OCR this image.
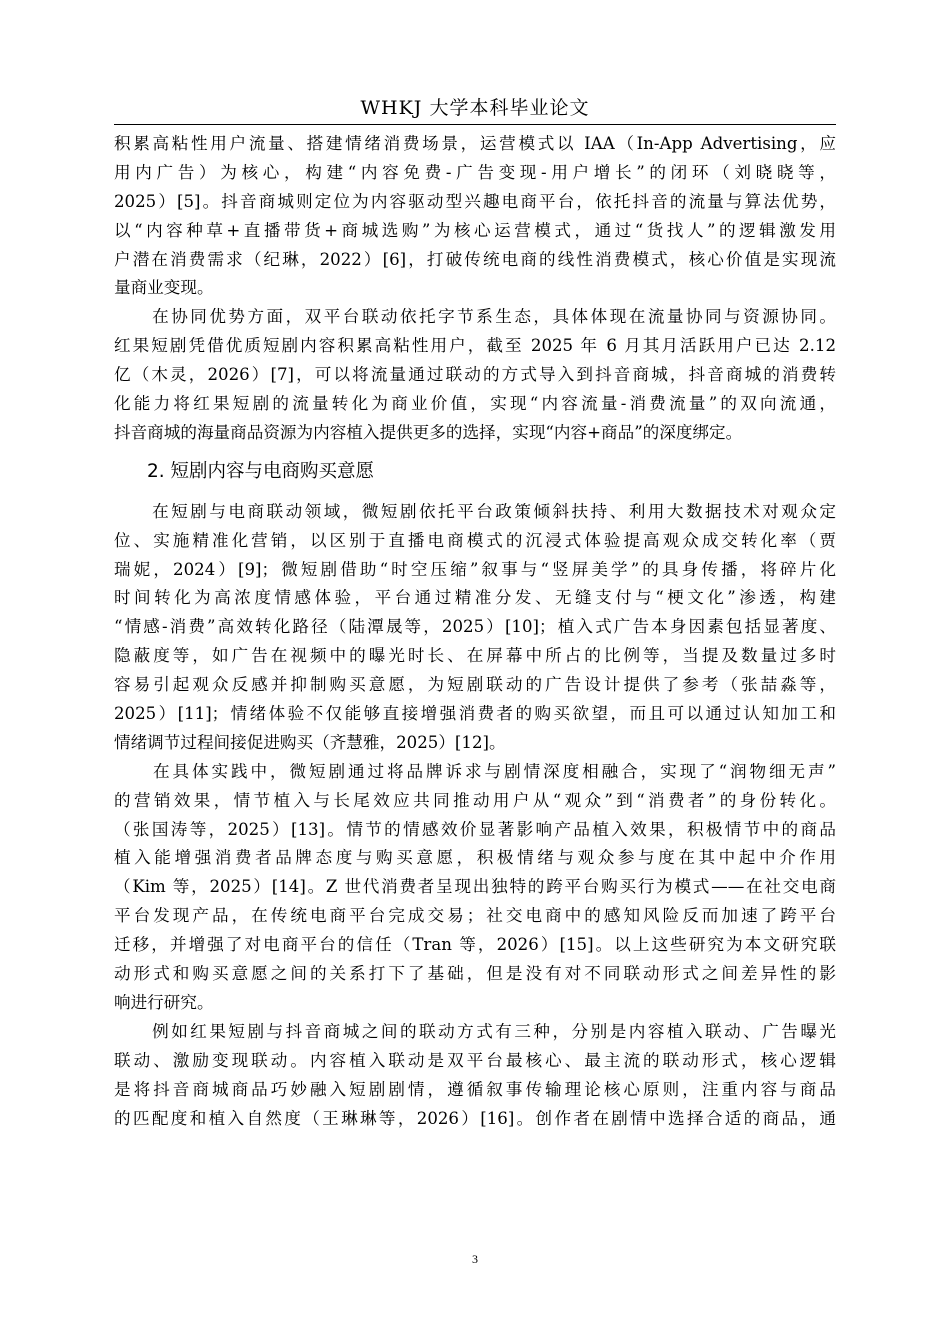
WHKJ 大学本科毕业论文
积累高粘性用户流量、搭建情绪消费场景，运营模式以 IAA（In-App Advertising，应
用内广告）为核心，构建“内容免费-广告变现-用户增长”的闭环（刘晓晓等，
2025）[5]。抖音商城则定位为内容驱动型兴趣电商平台，依托抖音的流量与算法优势，
以“内容种草+直播带货+商城选购”为核心运营模式，通过“货找人”的逻辑激发用
户潜在消费需求（纪琳，2022）[6]，打破传统电商的线性消费模式，核心价值是实现流
量商业变现。
　　在协同优势方面，双平台联动依托字节系生态，具体体现在流量协同与资源协同。
红果短剧凭借优质短剧内容积累高粘性用户，截至 2025 年 6 月其月活跃用户已达 2.12
亿（木灵，2026）[7]，可以将流量通过联动的方式导入到抖音商城，抖音商城的消费转
化能力将红果短剧的流量转化为商业价值，实现“内容流量-消费流量”的双向流通，
抖音商城的海量商品资源为内容植入提供更多的选择，实现“内容+商品”的深度绑定。
2. 短剧内容与电商购买意愿
　　在短剧与电商联动领域，微短剧依托平台政策倾斜扶持、利用大数据技术对观众定
位、实施精准化营销，以区别于直播电商模式的沉浸式体验提高观众成交转化率（贾
瑞妮，2024）[9]；微短剧借助“时空压缩”叙事与“竖屏美学”的具身传播，将碎片化
时间转化为高浓度情感体验，平台通过精准分发、无缝支付与“梗文化”渗透，构建
“情感-消费”高效转化路径（陆潭晟等，2025）[10]；植入式广告本身因素包括显著度、
隐蔽度等，如广告在视频中的曝光时长、在屏幕中所占的比例等，当提及数量过多时
容易引起观众反感并抑制购买意愿，为短剧联动的广告设计提供了参考（张喆淼等，
2025）[11]；情绪体验不仅能够直接增强消费者的购买欲望，而且可以通过认知加工和
情绪调节过程间接促进购买（齐慧雅，2025）[12]。
　　在具体实践中，微短剧通过将品牌诉求与剧情深度相融合，实现了“润物细无声”
的营销效果，情节植入与长尾效应共同推动用户从“观众”到“消费者”的身份转化。
（张国涛等，2025）[13]。情节的情感效价显著影响产品植入效果，积极情节中的商品
植入能增强消费者品牌态度与购买意愿，积极情绪与观众参与度在其中起中介作用
（Kim 等，2025）[14]。Z 世代消费者呈现出独特的跨平台购买行为模式——在社交电商
平台发现产品，在传统电商平台完成交易；社交电商中的感知风险反而加速了跨平台
迁移，并增强了对电商平台的信任（Tran 等，2026）[15]。以上这些研究为本文研究联
动形式和购买意愿之间的关系打下了基础，但是没有对不同联动形式之间差异性的影
响进行研究。
　　例如红果短剧与抖音商城之间的联动方式有三种，分别是内容植入联动、广告曝光
联动、激励变现联动。内容植入联动是双平台最核心、最主流的联动形式，核心逻辑
是将抖音商城商品巧妙融入短剧剧情，遵循叙事传输理论核心原则，注重内容与商品
的匹配度和植入自然度（王琳琳等，2026）[16]。创作者在剧情中选择合适的商品，通
3
